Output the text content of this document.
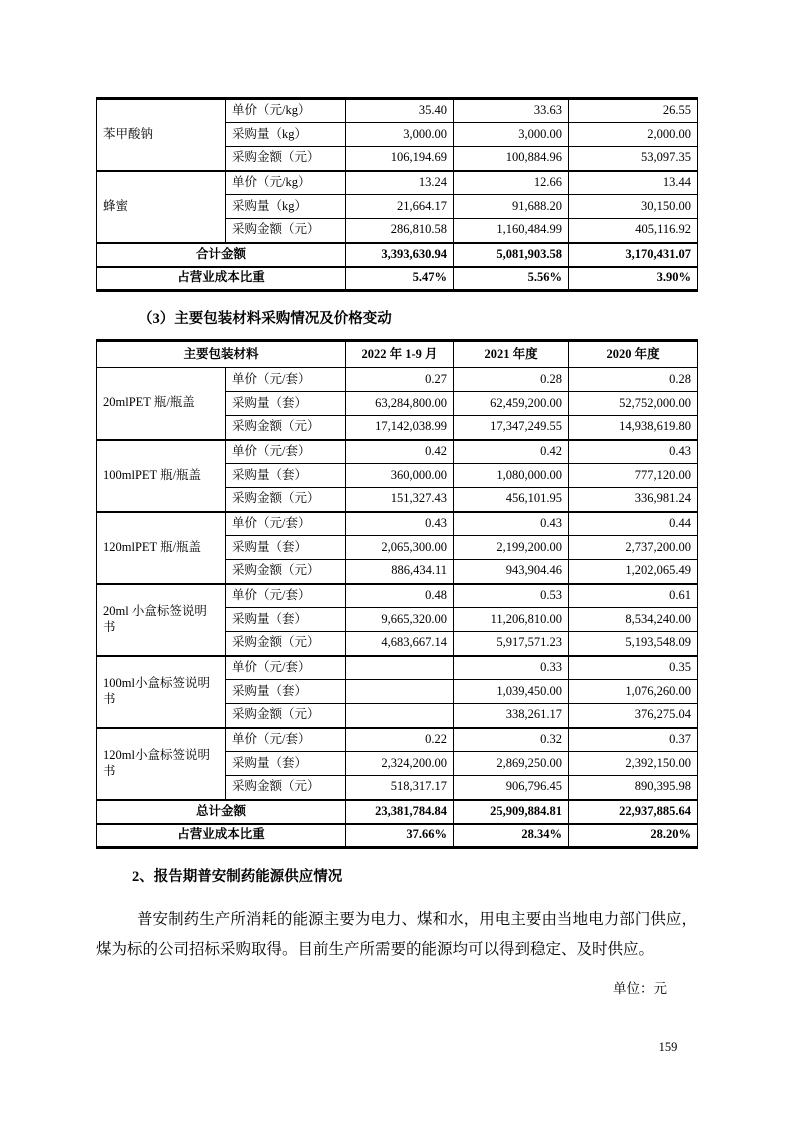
苯甲酸钠	单价（元/kg）	35.40	33.63	26.55
	采购量（kg）	3,000.00	3,000.00	2,000.00
	采购金额（元）	106,194.69	100,884.96	53,097.35
蜂蜜	单价（元/kg）	13.24	12.66	13.44
	采购量（kg）	21,664.17	91,688.20	30,150.00
	采购金额（元）	286,810.58	1,160,484.99	405,116.92
合计金额		3,393,630.94	5,081,903.58	3,170,431.07
占营业成本比重		5.47%	5.56%	3.90%
（3）主要包装材料采购情况及价格变动
主要包装材料		2022 年 1-9 月	2021 年度	2020 年度
20mlPET 瓶/瓶盖	单价（元/套）	0.27	0.28	0.28
	采购量（套）	63,284,800.00	62,459,200.00	52,752,000.00
	采购金额（元）	17,142,038.99	17,347,249.55	14,938,619.80
100mlPET 瓶/瓶盖	单价（元/套）	0.42	0.42	0.43
	采购量（套）	360,000.00	1,080,000.00	777,120.00
	采购金额（元）	151,327.43	456,101.95	336,981.24
120mlPET 瓶/瓶盖	单价（元/套）	0.43	0.43	0.44
	采购量（套）	2,065,300.00	2,199,200.00	2,737,200.00
	采购金额（元）	886,434.11	943,904.46	1,202,065.49
20ml 小盒标签说明书	单价（元/套）	0.48	0.53	0.61
	采购量（套）	9,665,320.00	11,206,810.00	8,534,240.00
	采购金额（元）	4,683,667.14	5,917,571.23	5,193,548.09
100ml小盒标签说明书	单价（元/套）		0.33	0.35
	采购量（套）		1,039,450.00	1,076,260.00
	采购金额（元）		338,261.17	376,275.04
120ml小盒标签说明书	单价（元/套）	0.22	0.32	0.37
	采购量（套）	2,324,200.00	2,869,250.00	2,392,150.00
	采购金额（元）	518,317.17	906,796.45	890,395.98
总计金额		23,381,784.84	25,909,884.81	22,937,885.64
占营业成本比重		37.66%	28.34%	28.20%
2、报告期普安制药能源供应情况

普安制药生产所消耗的能源主要为电力、煤和水，用电主要由当地电力部门供应，煤为标的公司招标采购取得。目前生产所需要的能源均可以得到稳定、及时供应。

单位：元
159
